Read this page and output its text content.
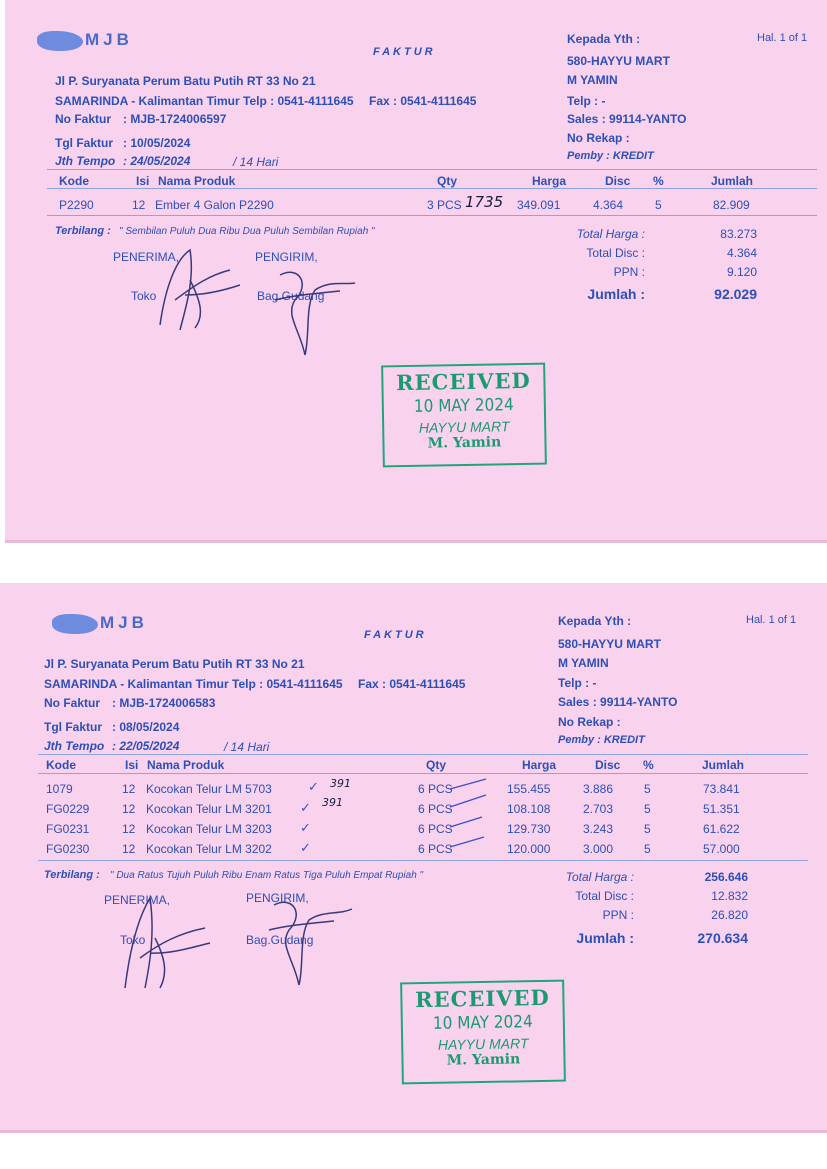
MJB
FAKTUR
Jl P. Suryanata Perum Batu Putih RT 33 No 21
SAMARINDA - Kalimantan Timur Telp : 0541-4111645 Fax : 0541-4111645
No Faktur : MJB-1724006597
Tgl Faktur : 10/05/2024
Jth Tempo : 24/05/2024	/ 14 Hari
Kepada Yth :	Hal. 1 of 1
580-HAYYU MART
M YAMIN
Telp : -
Sales : 99114-YANTO
No Rekap :
Pemby : KREDIT
Kode	Isi Nama Produk	Qty	Harga	Disc %	Jumlah
P2290	12 Ember 4 Galon P2290	3 PCS	349.091	4.364	5	82.909
1735
Terbilang : " Sembilan Puluh Dua Ribu Dua Puluh Sembilan Rupiah "	Total Harga :	83.273
Total Disc :	4.364
PPN :	9.120
Jumlah :	92.029
PENERIMA,
Toko
PENGIRIM,
Bag.Gudang
RECEIVED
10 MAY 2024
HAYYU MART
M. Yamin
MJB
FAKTUR
Jl P. Suryanata Perum Batu Putih RT 33 No 21
SAMARINDA - Kalimantan Timur Telp : 0541-4111645 Fax : 0541-4111645
No Faktur : MJB-1724006583
Tgl Faktur : 08/05/2024
Jth Tempo : 22/05/2024	/ 14 Hari
Kepada Yth :	Hal. 1 of 1
580-HAYYU MART
M YAMIN
Telp : -
Sales : 99114-YANTO
No Rekap :
Pemby : KREDIT
Kode	Isi Nama Produk	Qty	Harga	Disc %	Jumlah
1079	12 Kocokan Telur LM 5703	6 PCS	155.455	3.886	5	73.841
FG0229	12 Kocokan Telur LM 3201	6 PCS	108.108	2.703	5	51.351
FG0231	12 Kocokan Telur LM 3203	6 PCS	129.730	3.243	5	61.622
FG0230	12 Kocokan Telur LM 3202	6 PCS	120.000	3.000	5	57.000
391
391
✓
✓
✓
✓
Terbilang : " Dua Ratus Tujuh Puluh Ribu Enam Ratus Tiga Puluh Empat Rupiah "	Total Harga :	256.646
Total Disc :	12.832
PPN :	26.820
Jumlah :	270.634
PENERIMA,
Toko
PENGIRIM,
Bag.Gudang
RECEIVED
10 MAY 2024
HAYYU MART
M. Yamin
